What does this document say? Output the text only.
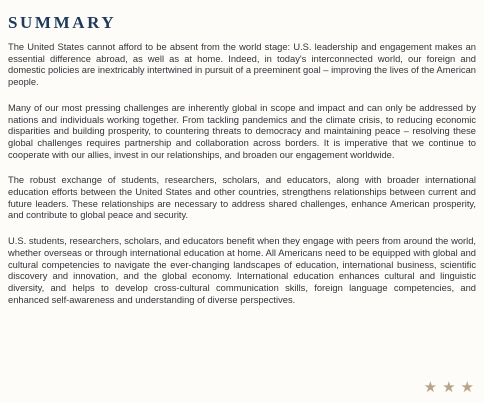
SUMMARY

The United States cannot afford to be absent from the world stage: U.S. leadership and engagement makes an essential difference abroad, as well as at home. Indeed, in today's interconnected world, our foreign and domestic policies are inextricably intertwined in pursuit of a preeminent goal – improving the lives of the American people.

Many of our most pressing challenges are inherently global in scope and impact and can only be addressed by nations and individuals working together. From tackling pandemics and the climate crisis, to reducing economic disparities and building prosperity, to countering threats to democracy and maintaining peace – resolving these global challenges requires partnership and collaboration across borders. It is imperative that we continue to cooperate with our allies, invest in our relationships, and broaden our engagement worldwide.

The robust exchange of students, researchers, scholars, and educators, along with broader international education efforts between the United States and other countries, strengthens relationships between current and future leaders. These relationships are necessary to address shared challenges, enhance American prosperity, and contribute to global peace and security.

U.S. students, researchers, scholars, and educators benefit when they engage with peers from around the world, whether overseas or through international education at home. All Americans need to be equipped with global and cultural competencies to navigate the ever-changing landscapes of education, international business, scientific discovery and innovation, and the global economy. International education enhances cultural and linguistic diversity, and helps to develop cross-cultural communication skills, foreign language competencies, and enhanced self-awareness and understanding of diverse perspectives.

★ ★ ★
